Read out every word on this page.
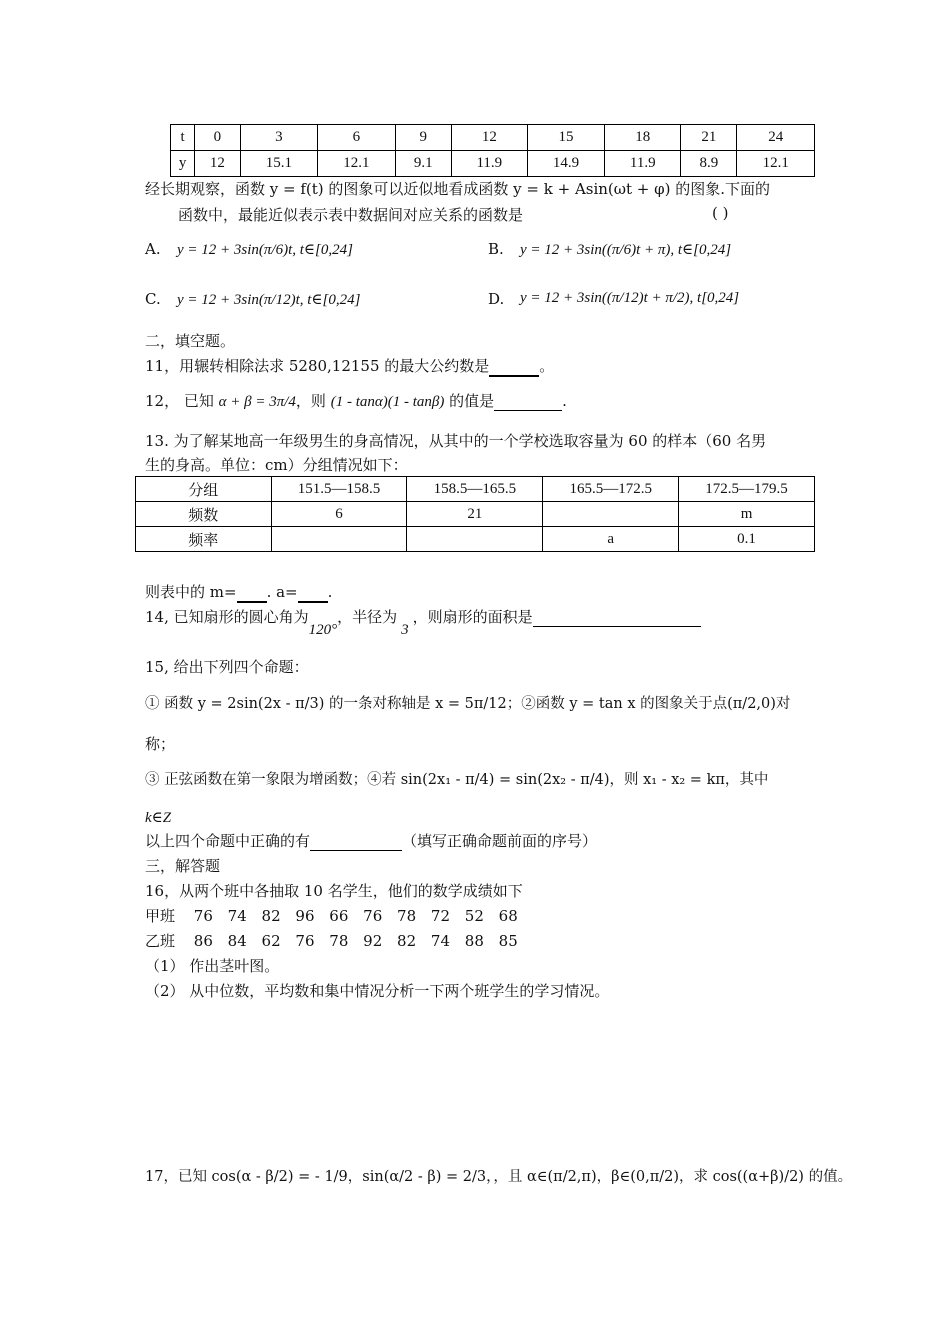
t	0	3	6	9	12	15	18	21	24
y	12	15.1	12.1	9.1	11.9	14.9	11.9	8.9	12.1
经长期观察，函数 y = f(t) 的图象可以近似地看成函数 y = k + Asin(ωt + φ) 的图象.下面的
函数中，最能近似表示表中数据间对应关系的函数是	( )
A. y = 12 + 3sin(π/6)t, t∈[0,24]	B. y = 12 + 3sin((π/6)t + π), t∈[0,24]
C. y = 12 + 3sin(π/12)t, t∈[0,24]	D. y = 12 + 3sin((π/12)t + π/2), t[0,24]
二，填空题。
11，用辗转相除法求 5280,12155 的最大公约数是	。
12， 已知 α + β = 3π/4，则 (1 - tanα)(1 - tanβ) 的值是	.
13. 为了解某地高一年级男生的身高情况，从其中的一个学校选取容量为 60 的样本（60 名男
生的身高。单位：cm）分组情况如下：
分组	151.5—158.5	158.5—165.5	165.5—172.5	172.5—179.5
频数	6	21		m
频率			a	0.1
则表中的 m= . a= .
14, 已知扇形的圆心角为120°，半径为3，则扇形的面积是
15, 给出下列四个命题：
① 函数 y = 2sin(2x - π/3) 的一条对称轴是 x = 5π/12；②函数 y = tan x 的图象关于点(π/2,0)对
称；
③ 正弦函数在第一象限为增函数；④若 sin(2x₁ - π/4) = sin(2x₂ - π/4)，则 x₁ - x₂ = kπ，其中
k∈Z
以上四个命题中正确的有	（填写正确命题前面的序号）
三，解答题
16，从两个班中各抽取 10 名学生，他们的数学成绩如下
甲班 76 74 82 96 66 76 78 72 52 68
乙班 86 84 62 76 78 92 82 74 88 85
（1） 作出茎叶图。
（2） 从中位数，平均数和集中情况分析一下两个班学生的学习情况。
17，已知 cos(α - β/2) = - 1/9，sin(α/2 - β) = 2/3，，且 α∈(π/2,π)，β∈(0,π/2)，求 cos((α+β)/2) 的值。
